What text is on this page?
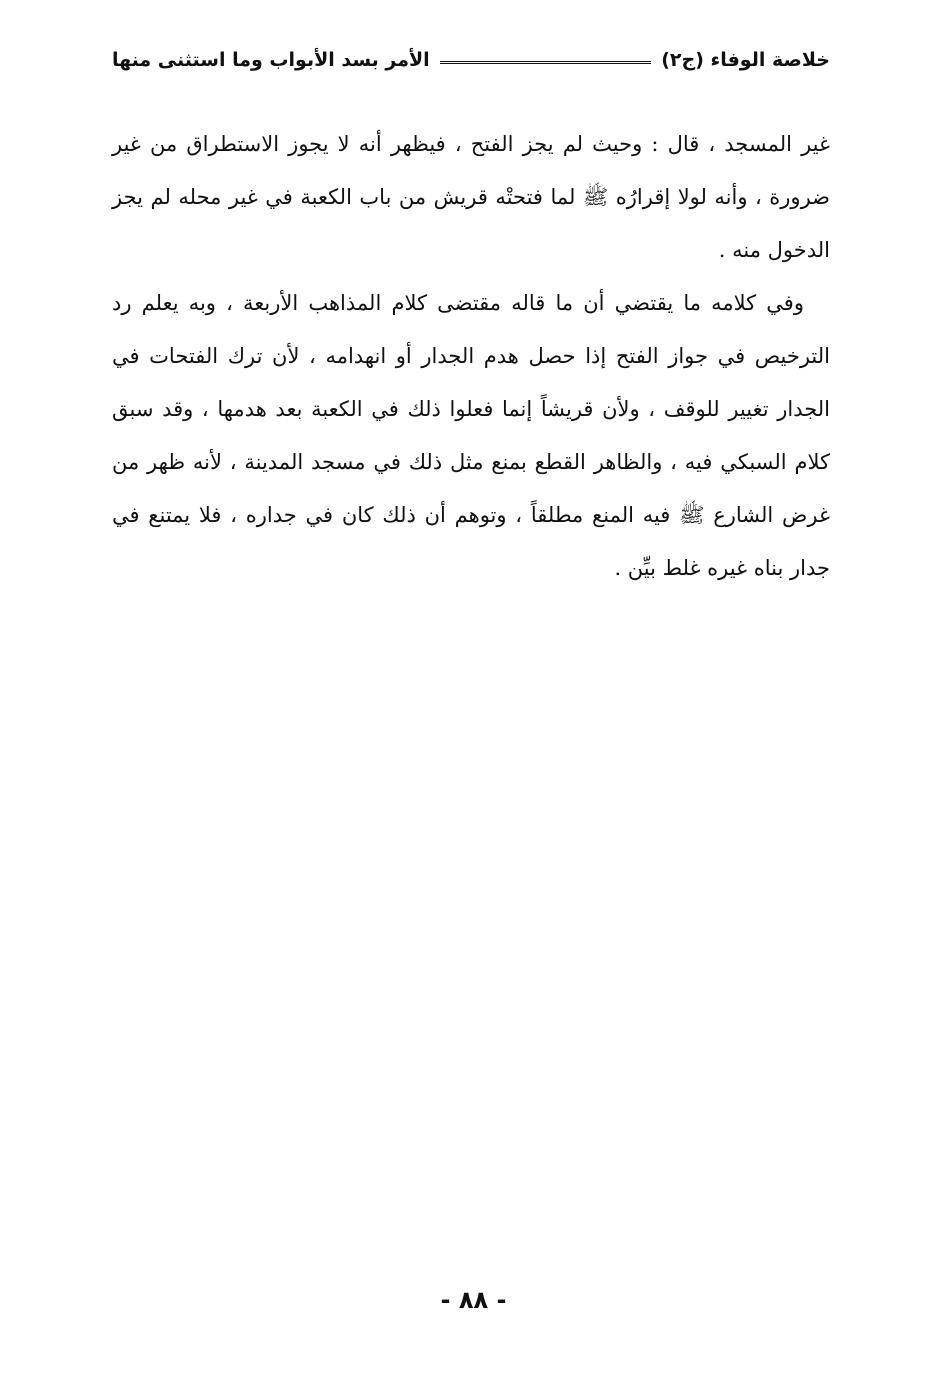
خلاصة الوفاء (ج٢)
الأمر بسد الأبواب وما استثنى منها

غير المسجد ، قال : وحيث لم يجز الفتح ، فيظهر أنه لا يجوز الاستطراق من غير ضرورة ، وأنه لولا إقرارُه ﷺ لما فتحتْه قريش من باب الكعبة في غير محله لم يجز الدخول منه .

وفي كلامه ما يقتضي أن ما قاله مقتضى كلام المذاهب الأربعة ، وبه يعلم رد الترخيص في جواز الفتح إذا حصل هدم الجدار أو انهدامه ، لأن ترك الفتحات في الجدار تغيير للوقف ، ولأن قريشاً إنما فعلوا ذلك في الكعبة بعد هدمها ، وقد سبق كلام السبكي فيه ، والظاهر القطع بمنع مثل ذلك في مسجد المدينة ، لأنه ظهر من غرض الشارع ﷺ فيه المنع مطلقاً ، وتوهم أن ذلك كان في جداره ، فلا يمتنع في جدار بناه غيره غلط بيِّن .

- ٨٨ -
